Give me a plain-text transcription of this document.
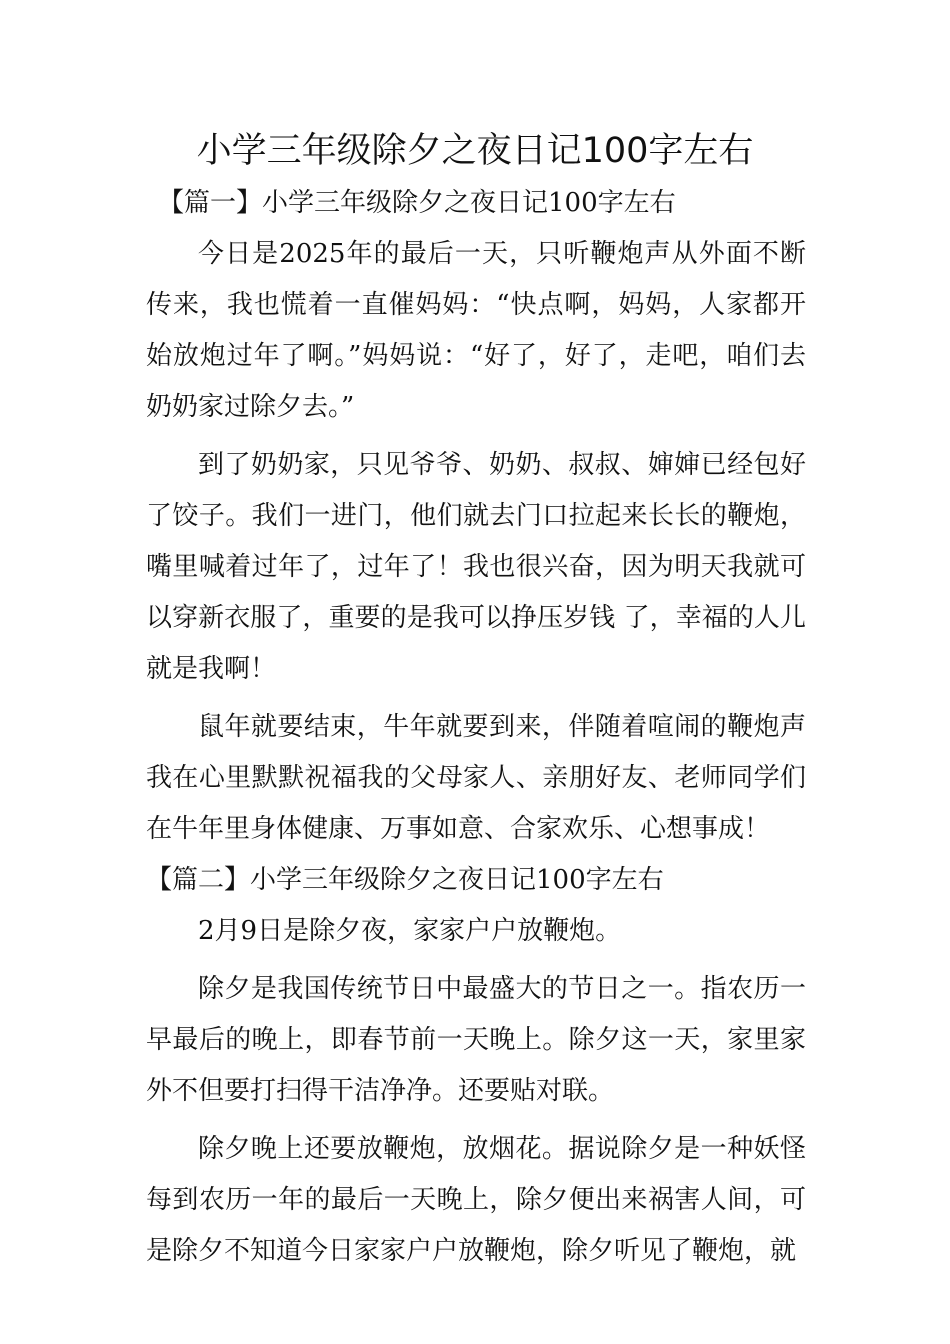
小学三年级除夕之夜日记100字左右

【篇一】小学三年级除夕之夜日记100字左右

今日是2025年的最后一天，只听鞭炮声从外面不断传来，我也慌着一直催妈妈：“快点啊，妈妈，人家都开始放炮过年了啊。”妈妈说：“好了，好了，走吧，咱们去奶奶家过除夕去。”

到了奶奶家，只见爷爷、奶奶、叔叔、婶婶已经包好了饺子。我们一进门，他们就去门口拉起来长长的鞭炮，嘴里喊着过年了，过年了！我也很兴奋，因为明天我就可以穿新衣服了，重要的是我可以挣压岁钱 了，幸福的人儿就是我啊！

鼠年就要结束，牛年就要到来，伴随着喧闹的鞭炮声我在心里默默祝福我的父母家人、亲朋好友、老师同学们在牛年里身体健康、万事如意、合家欢乐、心想事成！

【篇二】小学三年级除夕之夜日记100字左右

2月9日是除夕夜，家家户户放鞭炮。

除夕是我国传统节日中最盛大的节日之一。指农历一早最后的晚上，即春节前一天晚上。除夕这一天，家里家外不但要打扫得干洁净净。还要贴对联。

除夕晚上还要放鞭炮，放烟花。据说除夕是一种妖怪每到农历一年的最后一天晚上，除夕便出来祸害人间，可是除夕不知道今日家家户户放鞭炮，除夕听见了鞭炮，就
